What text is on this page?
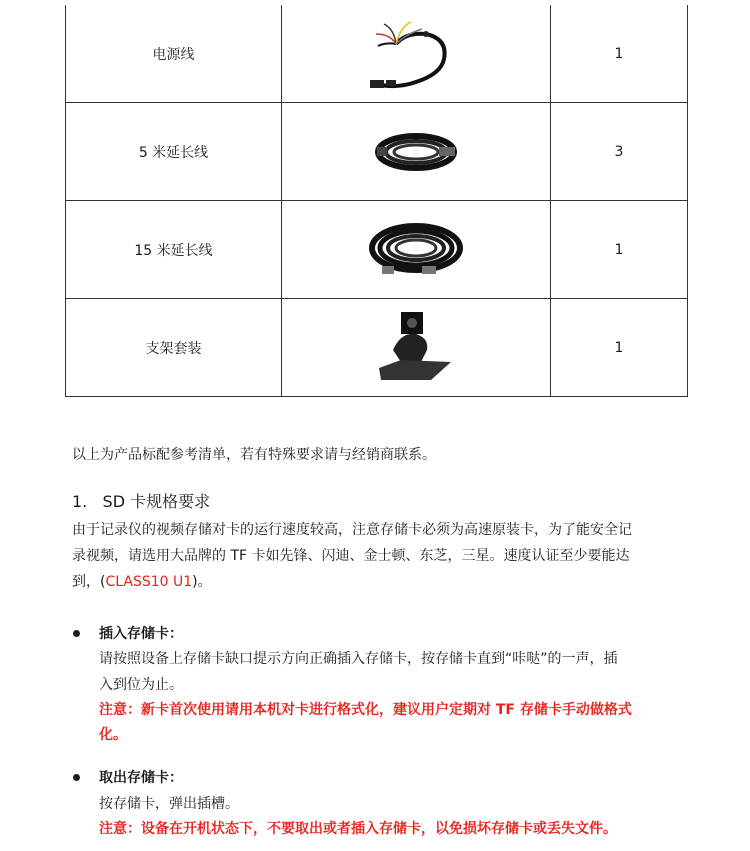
电源线		1
5 米延长线		3
15 米延长线		1
支架套装		1
以上为产品标配参考清单，若有特殊要求请与经销商联系。
1. SD 卡规格要求
由于记录仪的视频存储对卡的运行速度较高，注意存储卡必须为高速原装卡，为了能安全记
录视频，请选用大品牌的 TF 卡如先锋、闪迪、金士顿、东芝，三星。速度认证至少要能达
到，(CLASS10 U1)。
插入存储卡：
请按照设备上存储卡缺口提示方向正确插入存储卡，按存储卡直到“咔哒”的一声，插
入到位为止。
注意：新卡首次使用请用本机对卡进行格式化，建议用户定期对 TF 存储卡手动做格式
化。
取出存储卡：
按存储卡，弹出插槽。
注意：设备在开机状态下，不要取出或者插入存储卡，以免损坏存储卡或丢失文件。
